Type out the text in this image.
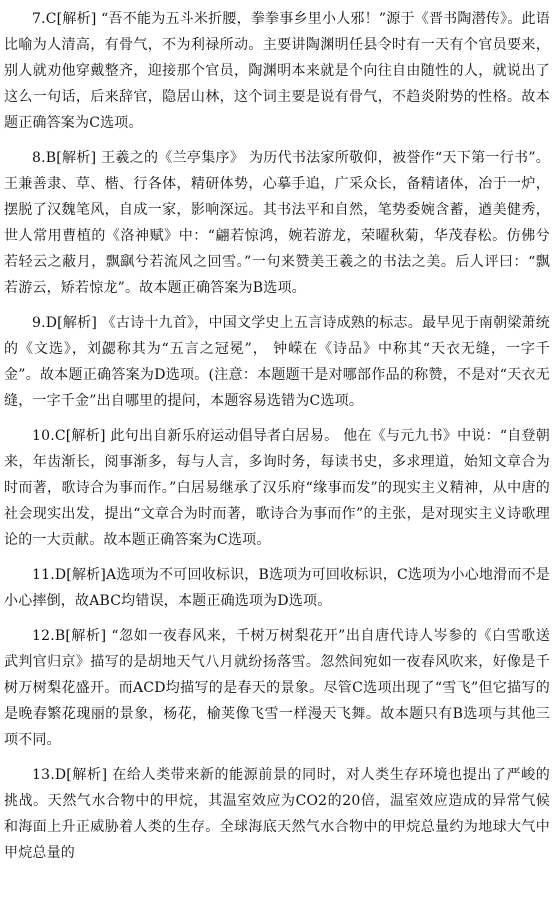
7.C[解析] “吾不能为五斗米折腰，拳拳事乡里小人邪！”源于《晋书陶潜传》。此语比喻为人清高，有骨气，不为利禄所动。主要讲陶渊明任县令时有一天有个官员要来，别人就劝他穿戴整齐，迎接那个官员，陶渊明本来就是个向往自由随性的人，就说出了这么一句话，后来辞官，隐居山林，这个词主要是说有骨气，不趋炎附势的性格。故本题正确答案为C选项。

8.B[解析] 王羲之的《兰亭集序》 为历代书法家所敬仰，被誉作“天下第一行书”。王兼善隶、草、楷、行各体，精研体势，心摹手追，广采众长，备精诸体，冶于一炉，摆脱了汉魏笔风，自成一家，影响深远。其书法平和自然，笔势委婉含蓄，遒美健秀，世人常用曹植的《洛神赋》中：“翩若惊鸿，婉若游龙，荣曜秋菊，华茂春松。仿佛兮若轻云之蔽月，飘飖兮若流风之回雪。”一句来赞美王羲之的书法之美。后人评曰：“飘若游云，矫若惊龙”。故本题正确答案为B选项。

9.D[解析] 《古诗十九首》，中国文学史上五言诗成熟的标志。最早见于南朝梁萧统的《文选》，刘勰称其为“五言之冠冕”， 钟嵘在《诗品》中称其“天衣无缝，一字千金”。故本题正确答案为D选项。(注意：本题题干是对哪部作品的称赞，不是对“天衣无缝，一字千金”出自哪里的提问，本题容易选错为C选项。

10.C[解析] 此句出自新乐府运动倡导者白居易。 他在《与元九书》中说：“自登朝来，年齿渐长，阅事渐多，每与人言，多询时务，每读书史，多求理道，始知文章合为时而著，歌诗合为事而作。”白居易继承了汉乐府“缘事而发”的现实主义精神，从中唐的社会现实出发，提出“文章合为时而著，歌诗合为事而作”的主张，是对现实主义诗歌理论的一大贡献。故本题正确答案为C选项。

11.D[解析]A选项为不可回收标识，B选项为可回收标识，C选项为小心地滑而不是小心摔倒，故ABC均错误，本题正确选项为D选项。

12.B[解析] “忽如一夜春风来，千树万树梨花开”出自唐代诗人岑参的《白雪歌送武判官归京》描写的是胡地天气八月就纷扬落雪。忽然间宛如一夜春风吹来，好像是千树万树梨花盛开。而ACD均描写的是春天的景象。尽管C选项出现了“雪飞”但它描写的是晚春繁花瑰丽的景象，杨花，榆荚像飞雪一样漫天飞舞。故本题只有B选项与其他三项不同。

13.D[解析] 在给人类带来新的能源前景的同时，对人类生存环境也提出了严峻的挑战。天然气水合物中的甲烷，其温室效应为CO2的20倍，温室效应造成的异常气候和海面上升正威胁着人类的生存。全球海底天然气水合物中的甲烷总量约为地球大气中甲烷总量的
